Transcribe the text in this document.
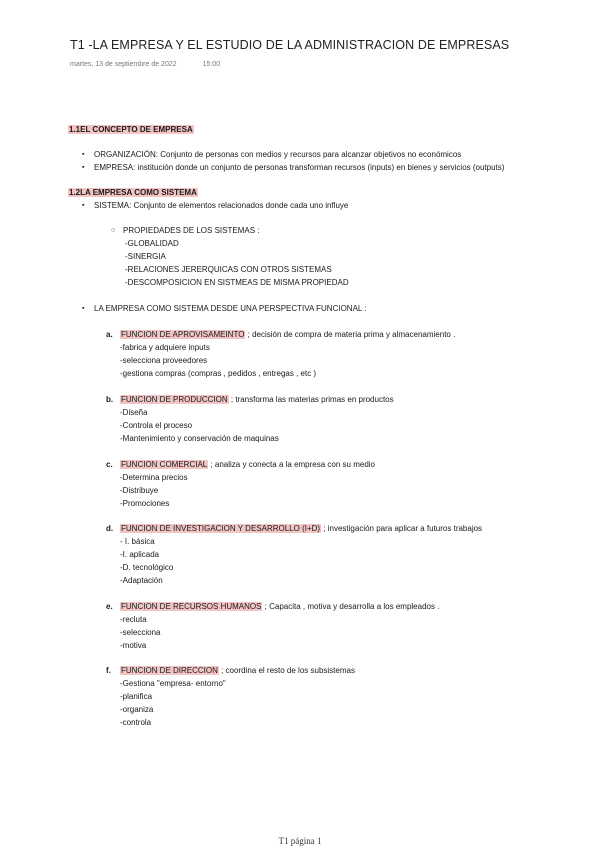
T1 -LA EMPRESA Y EL ESTUDIO DE LA ADMINISTRACION DE EMPRESAS
martes, 13 de septiembre de 2022	15:00
1.1EL CONCEPTO DE EMPRESA
▪ ORGANIZACIÓN: Conjunto de personas con medios y recursos para alcanzar objetivos no económicos
▪ EMPRESA: institución donde un conjunto de personas transforman recursos (inputs) en bienes y servicios (outputs)
1.2LA EMPRESA COMO SISTEMA
▪ SISTEMA: Conjunto de elementos relacionados donde cada uno influye
○ PROPIEDADES DE LOS SISTEMAS :
-GLOBALIDAD
-SINERGIA
-RELACIONES JERERQUICAS CON OTROS SISTEMAS
-DESCOMPOSICION EN SISTMEAS DE MISMA PROPIEDAD
▪ LA EMPRESA COMO SISTEMA DESDE UNA PERSPECTIVA FUNCIONAL :
a. FUNCION DE APROVISAMEINTO ; decisión de compra de materia prima y almacenamiento .
-fabrica y adquiere inputs
-selecciona proveedores
-gestiona compras (compras , pedidos , entregas , etc )
b. FUNCION DE PRODUCCION ; transforma las materias primas en productos
-Diseña
-Controla el proceso
-Mantenimiento y conservación de maquinas
c. FUNCION COMERCIAL ; analiza y conecta a la empresa con su medio
-Determina precios
-Distribuye
-Promociones
d. FUNCION DE INVESTIGACION Y DESARROLLO (I+D) ; investigación para aplicar a futuros trabajos
- I. básica
-I. aplicada
-D. tecnológico
-Adaptación
e. FUNCION DE RECURSOS HUMANOS ; Capacita , motiva y desarrolla a los empleados .
-recluta
-selecciona
-motiva
f. FUNCION DE DIRECCION ; coordina el resto de los subsistemas
-Gestiona "empresa- entorno"
-planifica
-organiza
-controla
T1 página 1
